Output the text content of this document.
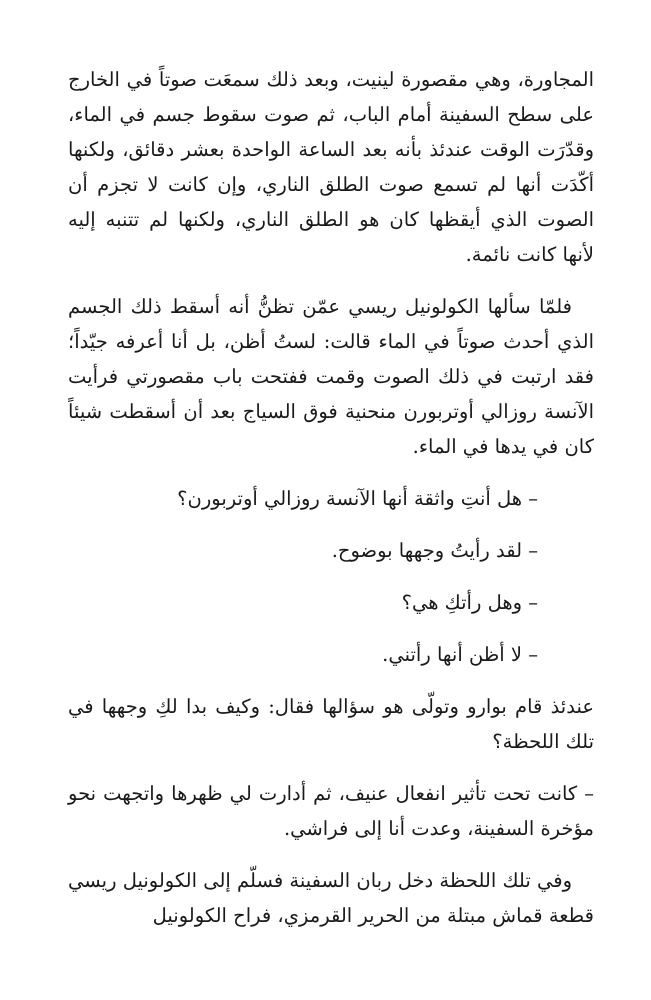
المجاورة، وهي مقصورة لينيت، وبعد ذلك سمعَت صوتاً في الخارج على سطح السفينة أمام الباب، ثم صوت سقوط جسم في الماء، وقدّرَت الوقت عندئذ بأنه بعد الساعة الواحدة بعشر دقائق، ولكنها أكّدَت أنها لم تسمع صوت الطلق الناري، وإن كانت لا تجزم أن الصوت الذي أيقظها كان هو الطلق الناري، ولكنها لم تتنبه إليه لأنها كانت نائمة.

فلمّا سألها الكولونيل ريسي عمّن تظنُّ أنه أسقط ذلك الجسم الذي أحدث صوتاً في الماء قالت: لستُ أظن، بل أنا أعرفه جيّداً؛ فقد ارتبت في ذلك الصوت وقمت ففتحت باب مقصورتي فرأيت الآنسة روزالي أوتربورن منحنية فوق السياج بعد أن أسقطت شيئاً كان في يدها في الماء.

– هل أنتِ واثقة أنها الآنسة روزالي أوتربورن؟

– لقد رأيتُ وجهها بوضوح.

– وهل رأتكِ هي؟

– لا أظن أنها رأتني.

عندئذ قام بوارو وتولّى هو سؤالها فقال: وكيف بدا لكِ وجهها في تلك اللحظة؟

– كانت تحت تأثير انفعال عنيف، ثم أدارت لي ظهرها واتجهت نحو مؤخرة السفينة، وعدت أنا إلى فراشي.

وفي تلك اللحظة دخل ربان السفينة فسلّم إلى الكولونيل ريسي قطعة قماش مبتلة من الحرير القرمزي، فراح الكولونيل
